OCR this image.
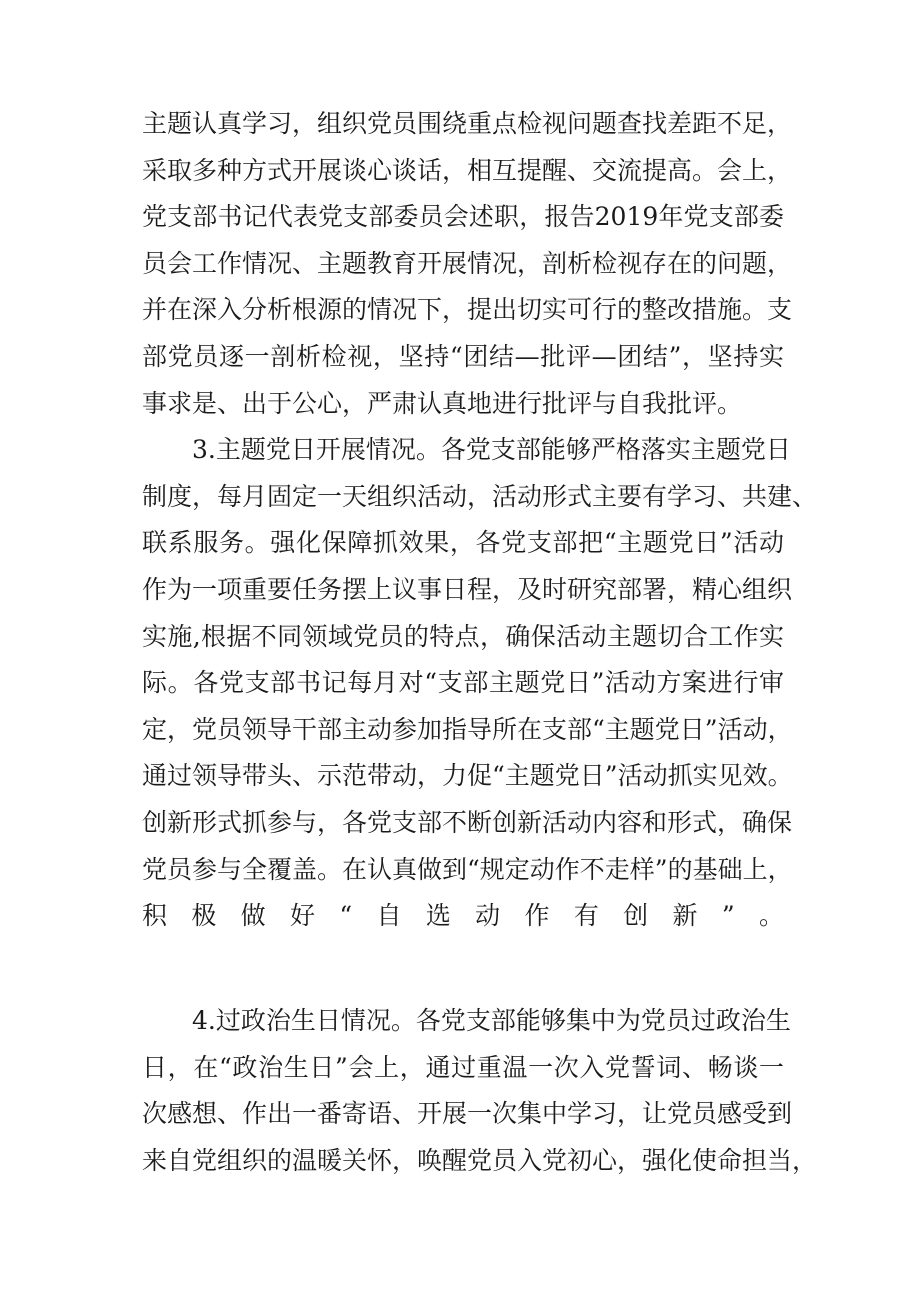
主题认真学习，组织党员围绕重点检视问题查找差距不足，
采取多种方式开展谈心谈话，相互提醒、交流提高。会上，
党支部书记代表党支部委员会述职，报告2019年党支部委
员会工作情况、主题教育开展情况，剖析检视存在的问题，
并在深入分析根源的情况下，提出切实可行的整改措施。支
部党员逐一剖析检视，坚持“团结—批评—团结”，坚持实
事求是、出于公心，严肃认真地进行批评与自我批评。
3.主题党日开展情况。各党支部能够严格落实主题党日
制度，每月固定一天组织活动，活动形式主要有学习、共建、
联系服务。强化保障抓效果，各党支部把“主题党日”活动
作为一项重要任务摆上议事日程，及时研究部署，精心组织
实施,根据不同领域党员的特点，确保活动主题切合工作实
际。各党支部书记每月对“支部主题党日”活动方案进行审
定，党员领导干部主动参加指导所在支部“主题党日”活动，
通过领导带头、示范带动，力促“主题党日”活动抓实见效。
创新形式抓参与，各党支部不断创新活动内容和形式，确保
党员参与全覆盖。在认真做到“规定动作不走样”的基础上，
积极做好“自选动作有创新”。
4.过政治生日情况。各党支部能够集中为党员过政治生
日，在“政治生日”会上，通过重温一次入党誓词、畅谈一
次感想、作出一番寄语、开展一次集中学习，让党员感受到
来自党组织的温暖关怀，唤醒党员入党初心，强化使命担当，
